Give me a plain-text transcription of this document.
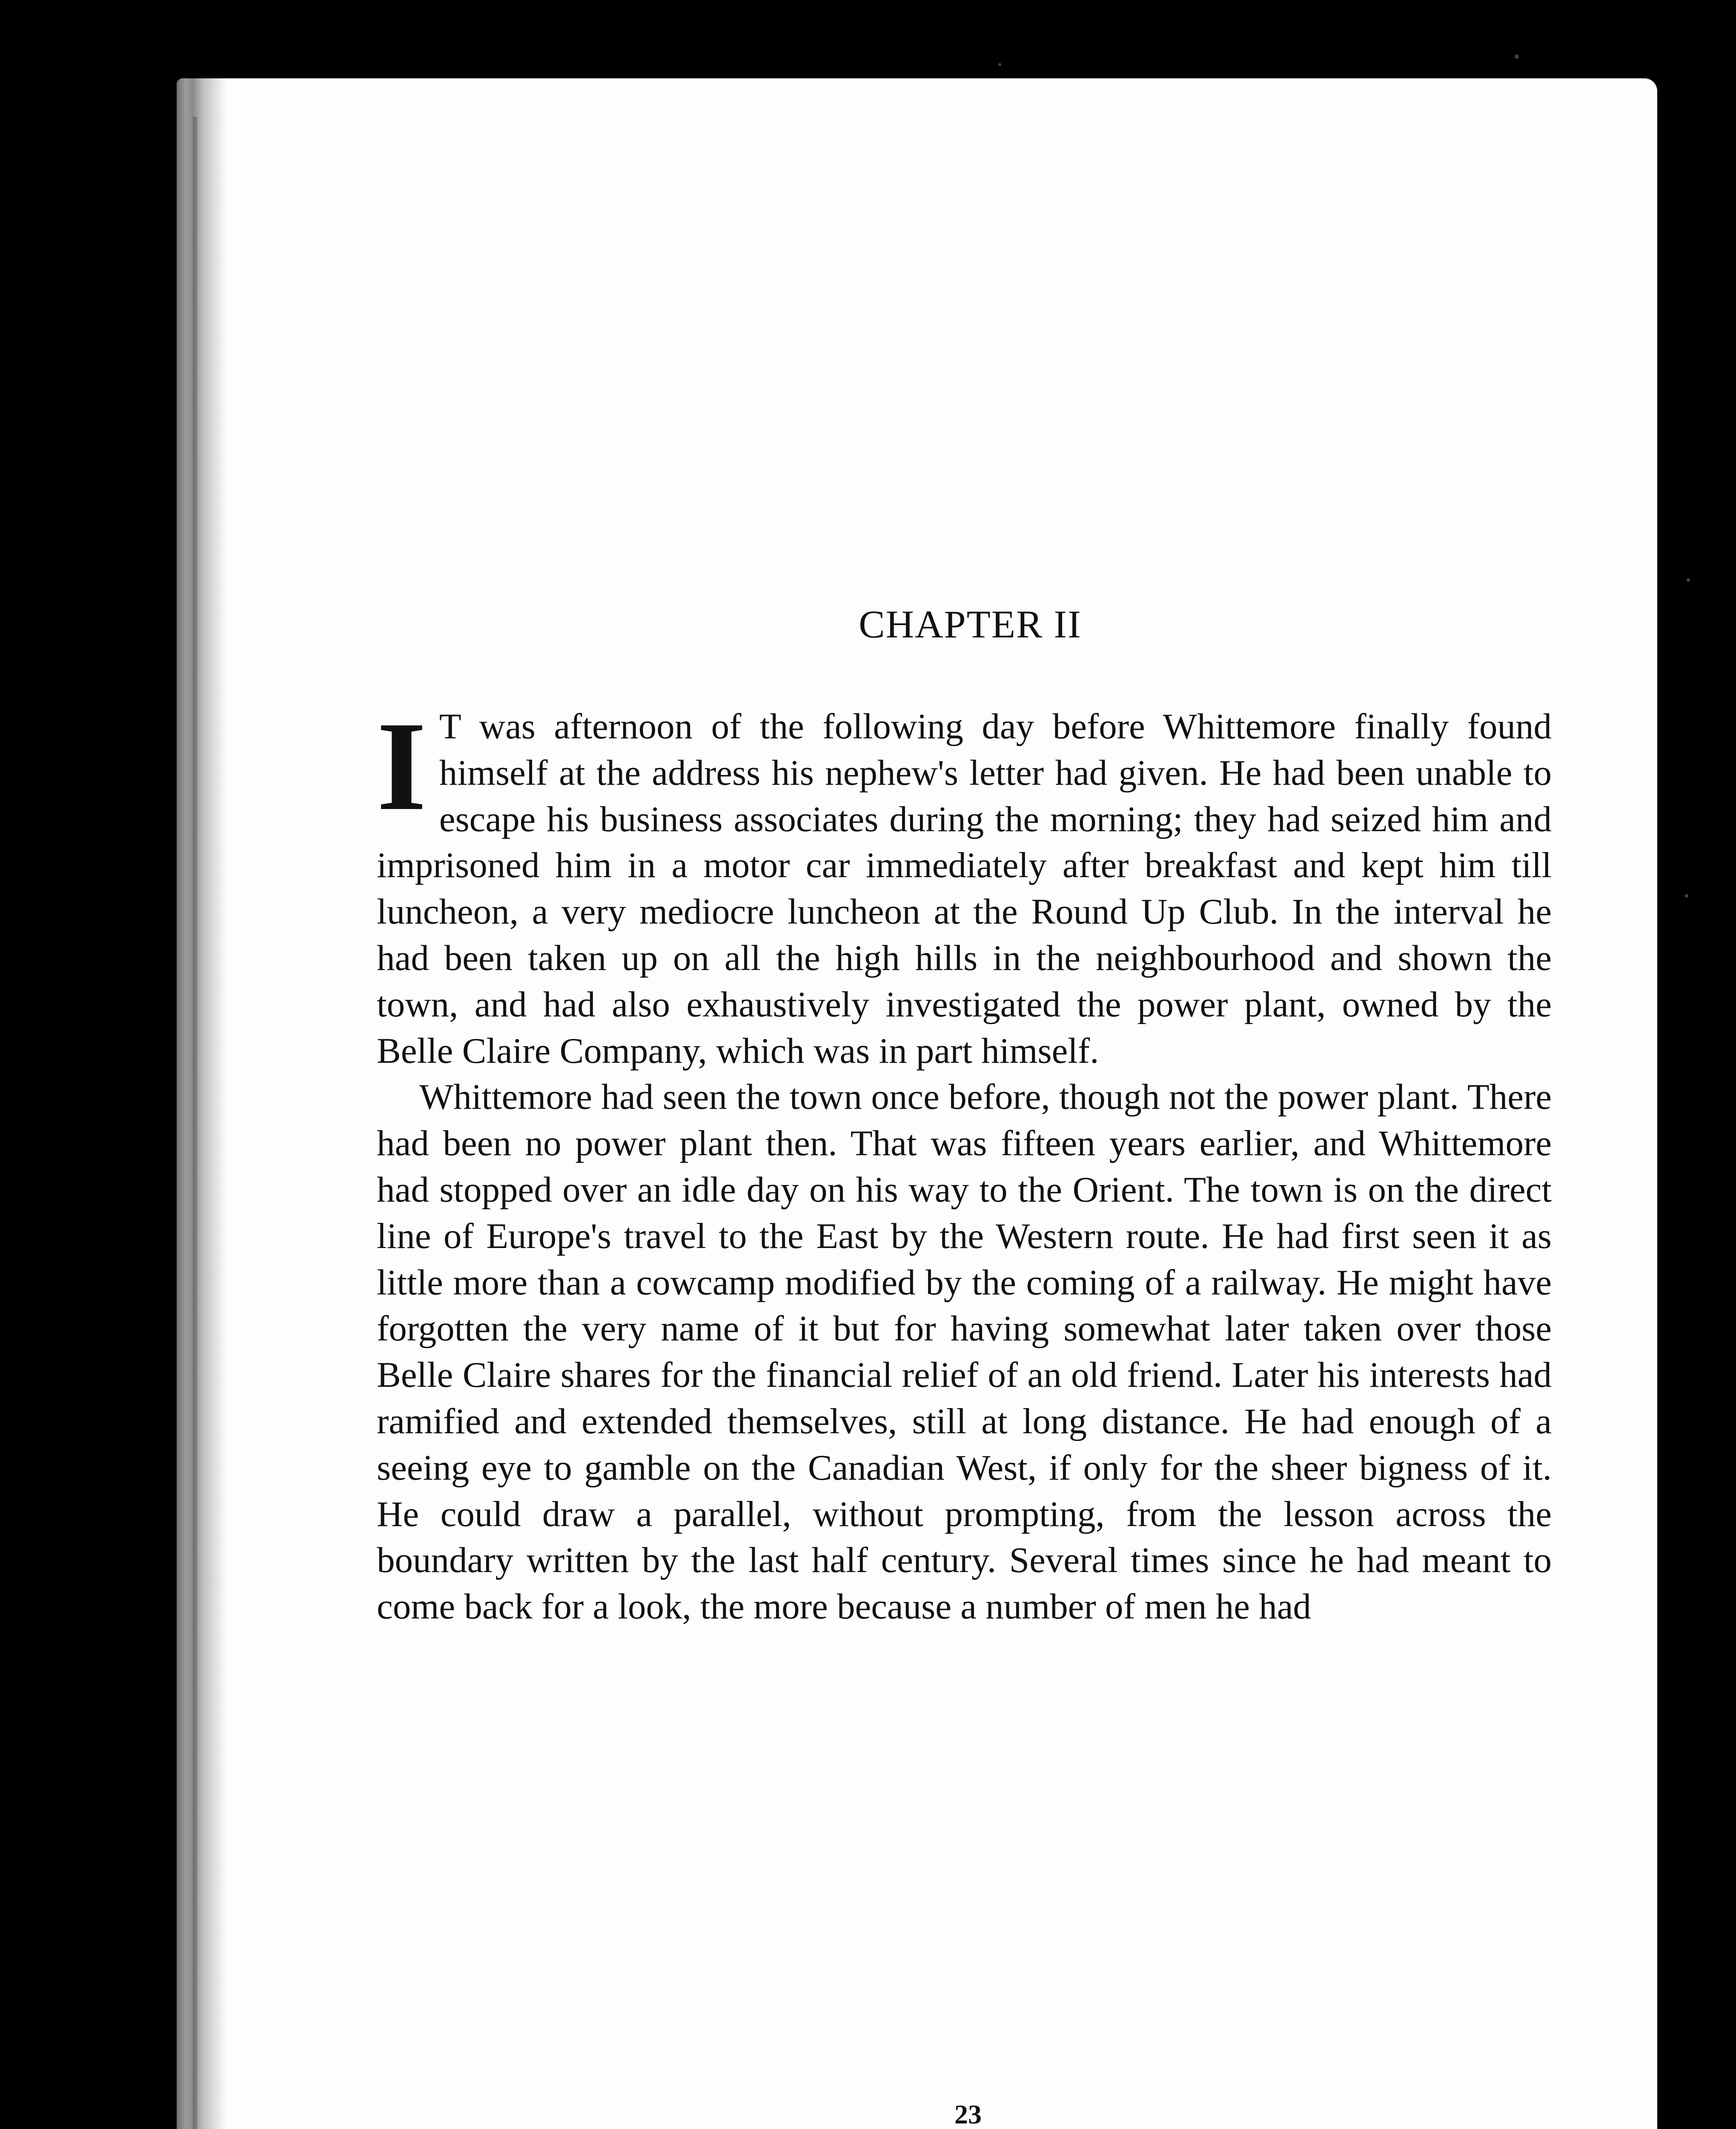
CHAPTER II

I T was afternoon of the following day before Whittemore finally found himself at the address his nephew's letter had given. He had been unable to escape his business associates during the morning; they had seized him and imprisoned him in a motor car immediately after breakfast and kept him till luncheon, a very mediocre luncheon at the Round Up Club. In the interval he had been taken up on all the high hills in the neighbourhood and shown the town, and had also exhaustively investigated the power plant, owned by the Belle Claire Company, which was in part himself.

Whittemore had seen the town once before, though not the power plant. There had been no power plant then. That was fifteen years earlier, and Whittemore had stopped over an idle day on his way to the Orient. The town is on the direct line of Europe's travel to the East by the Western route. He had first seen it as little more than a cowcamp modified by the coming of a railway. He might have forgotten the very name of it but for having somewhat later taken over those Belle Claire shares for the financial relief of an old friend. Later his interests had ramified and extended themselves, still at long distance. He had enough of a seeing eye to gamble on the Canadian West, if only for the sheer bigness of it. He could draw a parallel, without prompting, from the lesson across the boundary written by the last half century. Several times since he had meant to come back for a look, the more because a number of men he had

23
